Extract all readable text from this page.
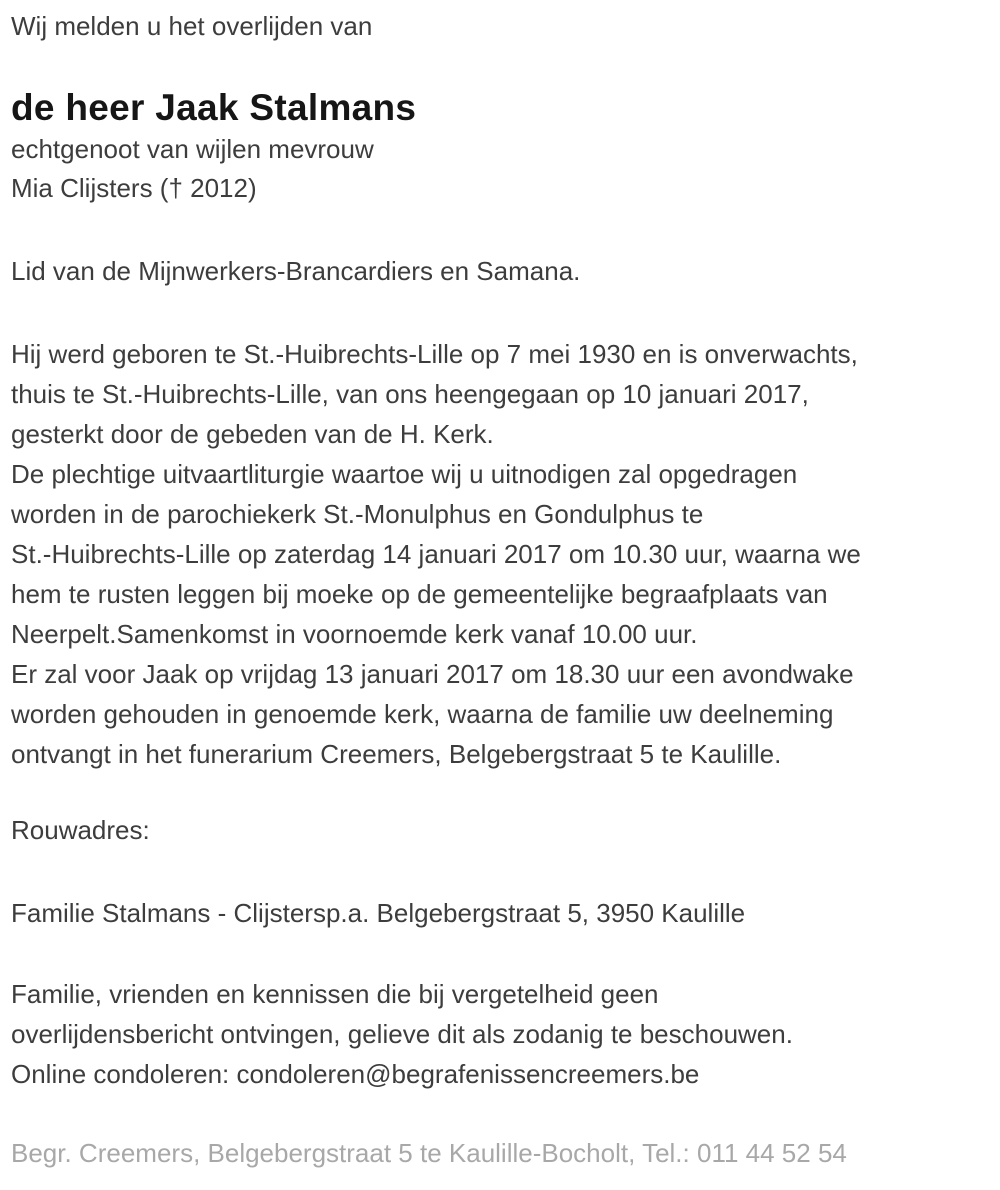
Wij melden u het overlijden van
de heer Jaak Stalmans
echtgenoot van wijlen mevrouw
Mia Clijsters († 2012)
Lid van de Mijnwerkers-Brancardiers en Samana.
Hij werd geboren te St.-Huibrechts-Lille op 7 mei 1930 en is onverwachts,
thuis te St.-Huibrechts-Lille, van ons heengegaan op 10 januari 2017,
gesterkt door de gebeden van de H. Kerk.
De plechtige uitvaartliturgie waartoe wij u uitnodigen zal opgedragen
worden in de parochiekerk St.-Monulphus en Gondulphus te
St.-Huibrechts-Lille op zaterdag 14 januari 2017 om 10.30 uur, waarna we
hem te rusten leggen bij moeke op de gemeentelijke begraafplaats van
Neerpelt.Samenkomst in voornoemde kerk vanaf 10.00 uur.
Er zal voor Jaak op vrijdag 13 januari 2017 om 18.30 uur een avondwake
worden gehouden in genoemde kerk, waarna de familie uw deelneming
ontvangt in het funerarium Creemers, Belgebergstraat 5 te Kaulille.
Rouwadres:
Familie Stalmans - Clijstersp.a. Belgebergstraat 5, 3950 Kaulille
Familie, vrienden en kennissen die bij vergetelheid geen
overlijdensbericht ontvingen, gelieve dit als zodanig te beschouwen.
Online condoleren: condoleren@begrafenissencreemers.be
Begr. Creemers, Belgebergstraat 5 te Kaulille-Bocholt, Tel.: 011 44 52 54
